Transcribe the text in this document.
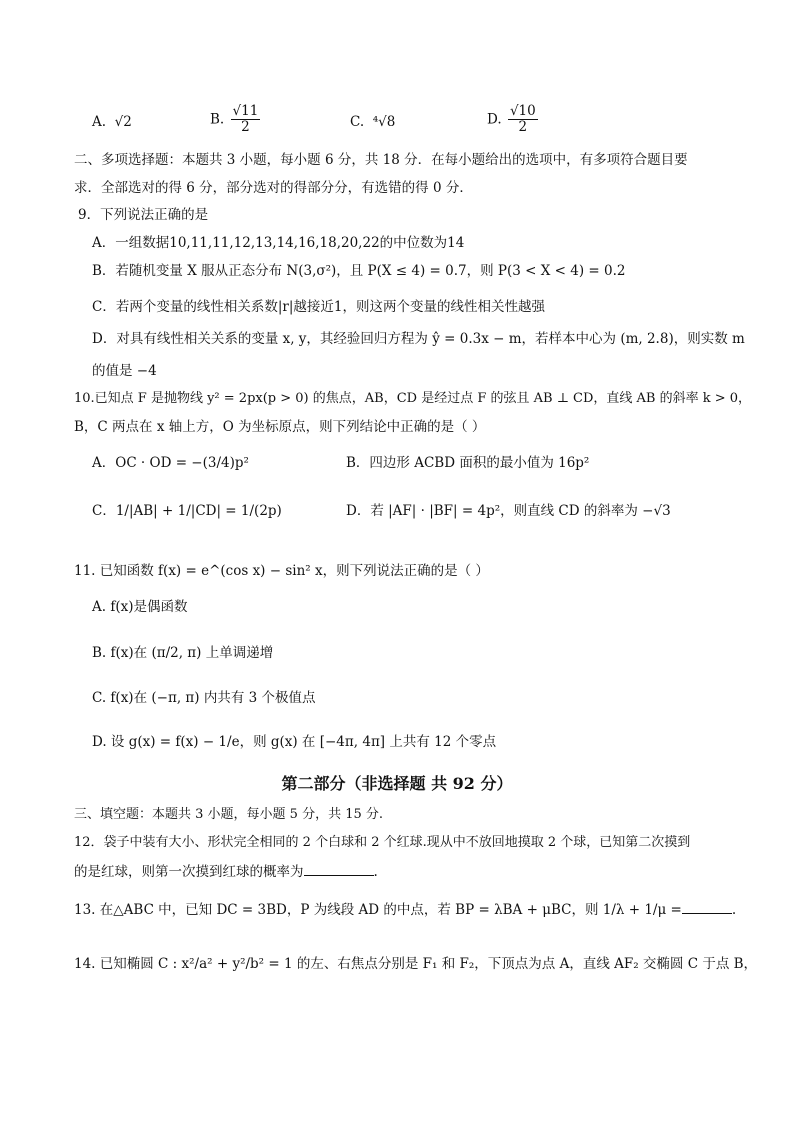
A. √2	B. $\frac{√11}{2}$	C. ⁴√8	D. $\frac{√10}{2}$
二、多项选择题：本题共 3 小题，每小题 6 分，共 18 分．在每小题给出的选项中，有多项符合题目要
求．全部选对的得 6 分，部分选对的得部分分，有选错的得 0 分．
9．下列说法正确的是
A．一组数据10,11,11,12,13,14,16,18,20,22的中位数为14
B．若随机变量 X 服从正态分布 N(3,σ²)，且 P(X ≤ 4) = 0.7，则 P(3 < X < 4) = 0.2
C．若两个变量的线性相关系数|r|越接近1，则这两个变量的线性相关性越强
D．对具有线性相关关系的变量 x, y，其经验回归方程为 ŷ = 0.3x − m，若样本中心为 (m, 2.8)，则实数 m
的值是 −4
10.已知点 F 是抛物线 y² = 2px(p > 0) 的焦点，AB，CD 是经过点 F 的弦且 AB ⊥ CD，直线 AB 的斜率 k > 0，
B，C 两点在 x 轴上方，O 为坐标原点，则下列结论中正确的是（ ）
A．OC · OD = −(3/4)p²	B．四边形 ACBD 面积的最小值为 16p²
C．1/|AB| + 1/|CD| = 1/(2p)	D．若 |AF| · |BF| = 4p²，则直线 CD 的斜率为 −√3
11. 已知函数 f(x) = e^(cos x) − sin² x，则下列说法正确的是（ ）
A. f(x)是偶函数
B. f(x)在 (π/2, π) 上单调递增
C. f(x)在 (−π, π) 内共有 3 个极值点
D. 设 g(x) = f(x) − 1/e，则 g(x) 在 [−4π, 4π] 上共有 12 个零点
第二部分（非选择题 共 92 分）
三、填空题：本题共 3 小题，每小题 5 分，共 15 分.
12．袋子中装有大小、形状完全相同的 2 个白球和 2 个红球.现从中不放回地摸取 2 个球，已知第二次摸到
的是红球，则第一次摸到红球的概率为	.
13. 在△ABC 中，已知 DC = 3BD，P 为线段 AD 的中点，若 BP = λBA + μBC，则 1/λ + 1/μ =	.
14. 已知椭圆 C : x²/a² + y²/b² = 1 的左、右焦点分别是 F₁ 和 F₂，下顶点为点 A，直线 AF₂ 交椭圆 C 于点 B，
